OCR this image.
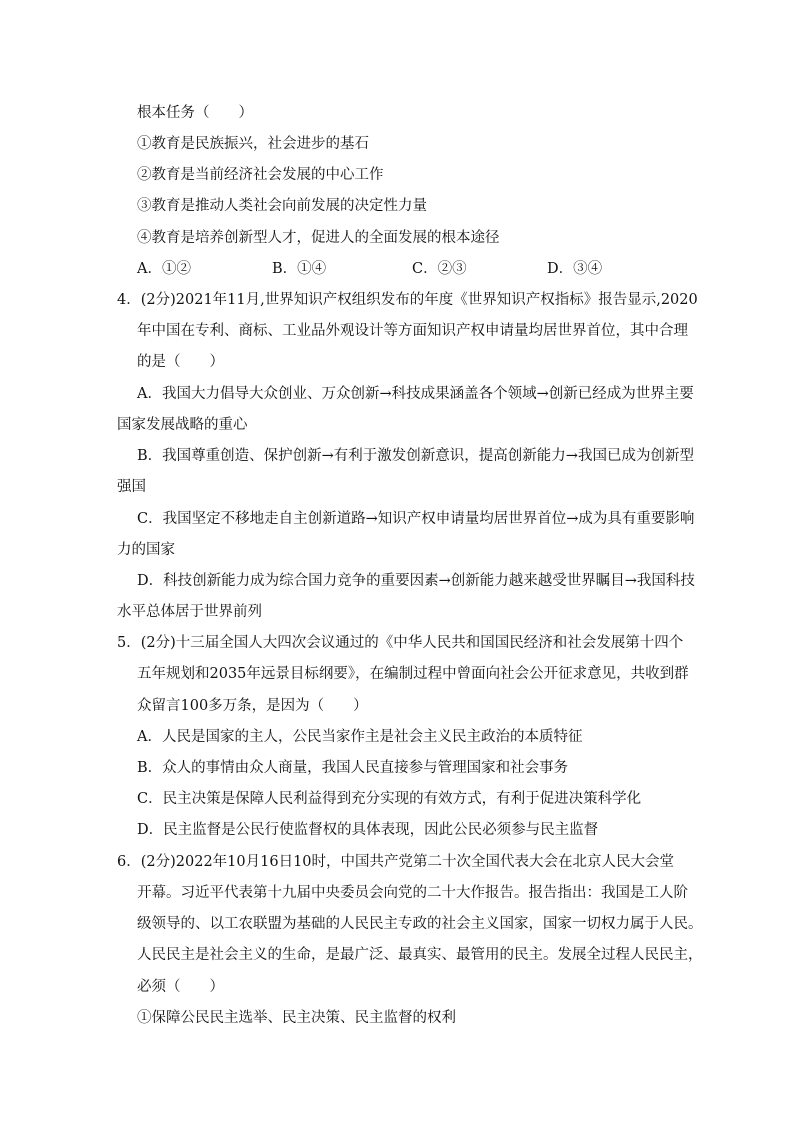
根本任务（　　）
①教育是民族振兴，社会进步的基石
②教育是当前经济社会发展的中心工作
③教育是推动人类社会向前发展的决定性力量
④教育是培养创新型人才，促进人的全面发展的根本途径
A．①②	B．①④	C．②③	D．③④
4．(2分)2021年11月,世界知识产权组织发布的年度《世界知识产权指标》报告显示,2020
年中国在专利、商标、工业品外观设计等方面知识产权申请量均居世界首位，其中合理
的是（　　）
A．我国大力倡导大众创业、万众创新→科技成果涵盖各个领域→创新已经成为世界主要
国家发展战略的重心
B．我国尊重创造、保护创新→有利于激发创新意识，提高创新能力→我国已成为创新型
强国
C．我国坚定不移地走自主创新道路→知识产权申请量均居世界首位→成为具有重要影响
力的国家
D．科技创新能力成为综合国力竞争的重要因素→创新能力越来越受世界瞩目→我国科技
水平总体居于世界前列
5．(2分)十三届全国人大四次会议通过的《中华人民共和国国民经济和社会发展第十四个
五年规划和2035年远景目标纲要》，在编制过程中曾面向社会公开征求意见，共收到群
众留言100多万条，是因为（　　）
A．人民是国家的主人，公民当家作主是社会主义民主政治的本质特征
B．众人的事情由众人商量，我国人民直接参与管理国家和社会事务
C．民主决策是保障人民利益得到充分实现的有效方式，有利于促进决策科学化
D．民主监督是公民行使监督权的具体表现，因此公民必须参与民主监督
6．(2分)2022年10月16日10时，中国共产党第二十次全国代表大会在北京人民大会堂
开幕。习近平代表第十九届中央委员会向党的二十大作报告。报告指出：我国是工人阶
级领导的、以工农联盟为基础的人民民主专政的社会主义国家，国家一切权力属于人民。
人民民主是社会主义的生命，是最广泛、最真实、最管用的民主。发展全过程人民民主，
必须（　　）
①保障公民民主选举、民主决策、民主监督的权利
